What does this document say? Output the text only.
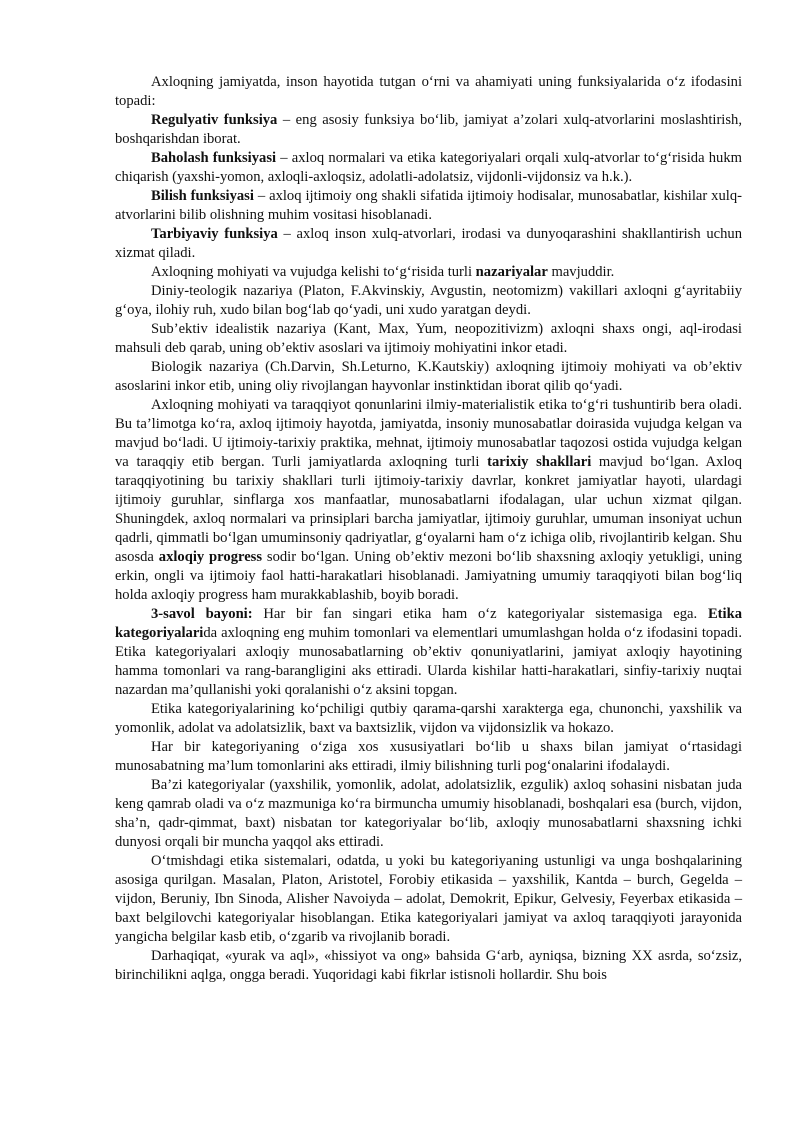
Axloqning jamiyatda, inson hayotida tutgan o‘rni va ahamiyati uning funksiyalarida o‘z ifodasini topadi:

Regulyativ funksiya – eng asosiy funksiya bo‘lib, jamiyat a’zolari xulq-atvorlarini moslashtirish, boshqarishdan iborat.

Baholash funksiyasi – axloq normalari va etika kategoriyalari orqali xulq-atvorlar to‘g‘risida hukm chiqarish (yaxshi-yomon, axloqli-axloqsiz, adolatli-adolatsiz, vijdonli-vijdonsiz va h.k.).

Bilish funksiyasi – axloq ijtimoiy ong shakli sifatida ijtimoiy hodisalar, munosabatlar, kishilar xulq-atvorlarini bilib olishning muhim vositasi hisoblanadi.

Tarbiyaviy funksiya – axloq inson xulq-atvorlari, irodasi va dunyoqarashini shakllantirish uchun xizmat qiladi.

Axloqning mohiyati va vujudga kelishi to‘g‘risida turli nazariyalar mavjuddir.

Diniy-teologik nazariya (Platon, F.Akvinskiy, Avgustin, neotomizm) vakillari axloqni g‘ayritabiiy g‘oya, ilohiy ruh, xudo bilan bog‘lab qo‘yadi, uni xudo yaratgan deydi.

Sub’ektiv idealistik nazariya (Kant, Max, Yum, neopozitivizm) axloqni shaxs ongi, aql-irodasi mahsuli deb qarab, uning ob’ektiv asoslari va ijtimoiy mohiyatini inkor etadi.

Biologik nazariya (Ch.Darvin, Sh.Leturno, K.Kautskiy) axloqning ijtimoiy mohiyati va ob’ektiv asoslarini inkor etib, uning oliy rivojlangan hayvonlar instinktidan iborat qilib qo‘yadi.

Axloqning mohiyati va taraqqiyot qonunlarini ilmiy-materialistik etika to‘g‘ri tushuntirib bera oladi. Bu ta’limotga ko‘ra, axloq ijtimoiy hayotda, jamiyatda, insoniy munosabatlar doirasida vujudga kelgan va mavjud bo‘ladi. U ijtimoiy-tarixiy praktika, mehnat, ijtimoiy munosabatlar taqozosi ostida vujudga kelgan va taraqqiy etib bergan. Turli jamiyatlarda axloqning turli tarixiy shakllari mavjud bo‘lgan. Axloq taraqqiyotining bu tarixiy shakllari turli ijtimoiy-tarixiy davrlar, konkret jamiyatlar hayoti, ulardagi ijtimoiy guruhlar, sinflarga xos manfaatlar, munosabatlarni ifodalagan, ular uchun xizmat qilgan. Shuningdek, axloq normalari va prinsiplari barcha jamiyatlar, ijtimoiy guruhlar, umuman insoniyat uchun qadrli, qimmatli bo‘lgan umuminsoniy qadriyatlar, g‘oyalarni ham o‘z ichiga olib, rivojlantirib kelgan. Shu asosda axloqiy progress sodir bo‘lgan. Uning ob’ektiv mezoni bo‘lib shaxsning axloqiy yetukligi, uning erkin, ongli va ijtimoiy faol hatti-harakatlari hisoblanadi. Jamiyatning umumiy taraqqiyoti bilan bog‘liq holda axloqiy progress ham murakkablashib, boyib boradi.

3-savol bayoni: Har bir fan singari etika ham o‘z kategoriyalar sistemasiga ega. Etika kategoriyalarida axloqning eng muhim tomonlari va elementlari umumlashgan holda o‘z ifodasini topadi. Etika kategoriyalari axloqiy munosabatlarning ob’ektiv qonuniyatlarini, jamiyat axloqiy hayotining hamma tomonlari va rang-barangligini aks ettiradi. Ularda kishilar hatti-harakatlari, sinfiy-tarixiy nuqtai nazardan ma’qullanishi yoki qoralanishi o‘z aksini topgan.

Etika kategoriyalarining ko‘pchiligi qutbiy qarama-qarshi xarakterga ega, chunonchi, yaxshilik va yomonlik, adolat va adolatsizlik, baxt va baxtsizlik, vijdon va vijdonsizlik va hokazo.

Har bir kategoriyaning o‘ziga xos xususiyatlari bo‘lib u shaxs bilan jamiyat o‘rtasidagi munosabatning ma’lum tomonlarini aks ettiradi, ilmiy bilishning turli pog‘onalarini ifodalaydi.

Ba’zi kategoriyalar (yaxshilik, yomonlik, adolat, adolatsizlik, ezgulik) axloq sohasini nisbatan juda keng qamrab oladi va o‘z mazmuniga ko‘ra birmuncha umumiy hisoblanadi, boshqalari esa (burch, vijdon, sha’n, qadr-qimmat, baxt) nisbatan tor kategoriyalar bo‘lib, axloqiy munosabatlarni shaxsning ichki dunyosi orqali bir muncha yaqqol aks ettiradi.

O‘tmishdagi etika sistemalari, odatda, u yoki bu kategoriyaning ustunligi va unga boshqalarining asosiga qurilgan. Masalan, Platon, Aristotel, Forobiy etikasida – yaxshilik, Kantda – burch, Gegelda – vijdon, Beruniy, Ibn Sinoda, Alisher Navoiyda – adolat, Demokrit, Epikur, Gelvesiy, Feyerbax etikasida – baxt belgilovchi kategoriyalar hisoblangan. Etika kategoriyalari jamiyat va axloq taraqqiyoti jarayonida yangicha belgilar kasb etib, o‘zgarib va rivojlanib boradi.

Darhaqiqat, «yurak va aql», «hissiyot va ong» bahsida G‘arb, ayniqsa, bizning XX asrda, so‘zsiz, birinchilikni aqlga, ongga beradi. Yuqoridagi kabi fikrlar istisnoli hollardir. Shu bois
